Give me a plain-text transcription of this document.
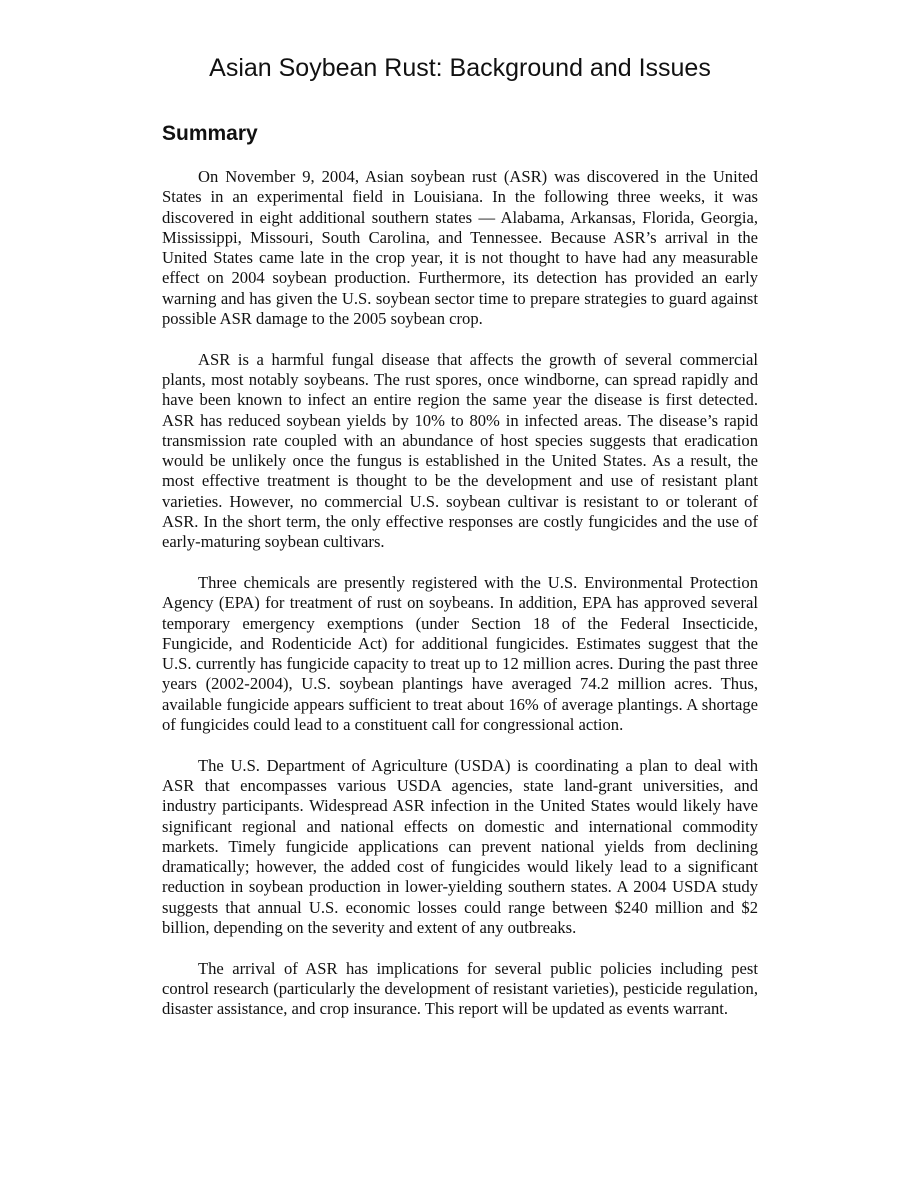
Asian Soybean Rust: Background and Issues
Summary

On November 9, 2004, Asian soybean rust (ASR) was discovered in the United States in an experimental field in Louisiana. In the following three weeks, it was discovered in eight additional southern states — Alabama, Arkansas, Florida, Georgia, Mississippi, Missouri, South Carolina, and Tennessee. Because ASR’s arrival in the United States came late in the crop year, it is not thought to have had any measurable effect on 2004 soybean production. Furthermore, its detection has provided an early warning and has given the U.S. soybean sector time to prepare strategies to guard against possible ASR damage to the 2005 soybean crop.

ASR is a harmful fungal disease that affects the growth of several commercial plants, most notably soybeans. The rust spores, once windborne, can spread rapidly and have been known to infect an entire region the same year the disease is first detected. ASR has reduced soybean yields by 10% to 80% in infected areas. The disease’s rapid transmission rate coupled with an abundance of host species suggests that eradication would be unlikely once the fungus is established in the United States. As a result, the most effective treatment is thought to be the development and use of resistant plant varieties. However, no commercial U.S. soybean cultivar is resistant to or tolerant of ASR. In the short term, the only effective responses are costly fungicides and the use of early-maturing soybean cultivars.

Three chemicals are presently registered with the U.S. Environmental Protection Agency (EPA) for treatment of rust on soybeans. In addition, EPA has approved several temporary emergency exemptions (under Section 18 of the Federal Insecticide, Fungicide, and Rodenticide Act) for additional fungicides. Estimates suggest that the U.S. currently has fungicide capacity to treat up to 12 million acres. During the past three years (2002-2004), U.S. soybean plantings have averaged 74.2 million acres. Thus, available fungicide appears sufficient to treat about 16% of average plantings. A shortage of fungicides could lead to a constituent call for congressional action.

The U.S. Department of Agriculture (USDA) is coordinating a plan to deal with ASR that encompasses various USDA agencies, state land-grant universities, and industry participants. Widespread ASR infection in the United States would likely have significant regional and national effects on domestic and international commodity markets. Timely fungicide applications can prevent national yields from declining dramatically; however, the added cost of fungicides would likely lead to a significant reduction in soybean production in lower-yielding southern states. A 2004 USDA study suggests that annual U.S. economic losses could range between $240 million and $2 billion, depending on the severity and extent of any outbreaks.

The arrival of ASR has implications for several public policies including pest control research (particularly the development of resistant varieties), pesticide regulation, disaster assistance, and crop insurance. This report will be updated as events warrant.
